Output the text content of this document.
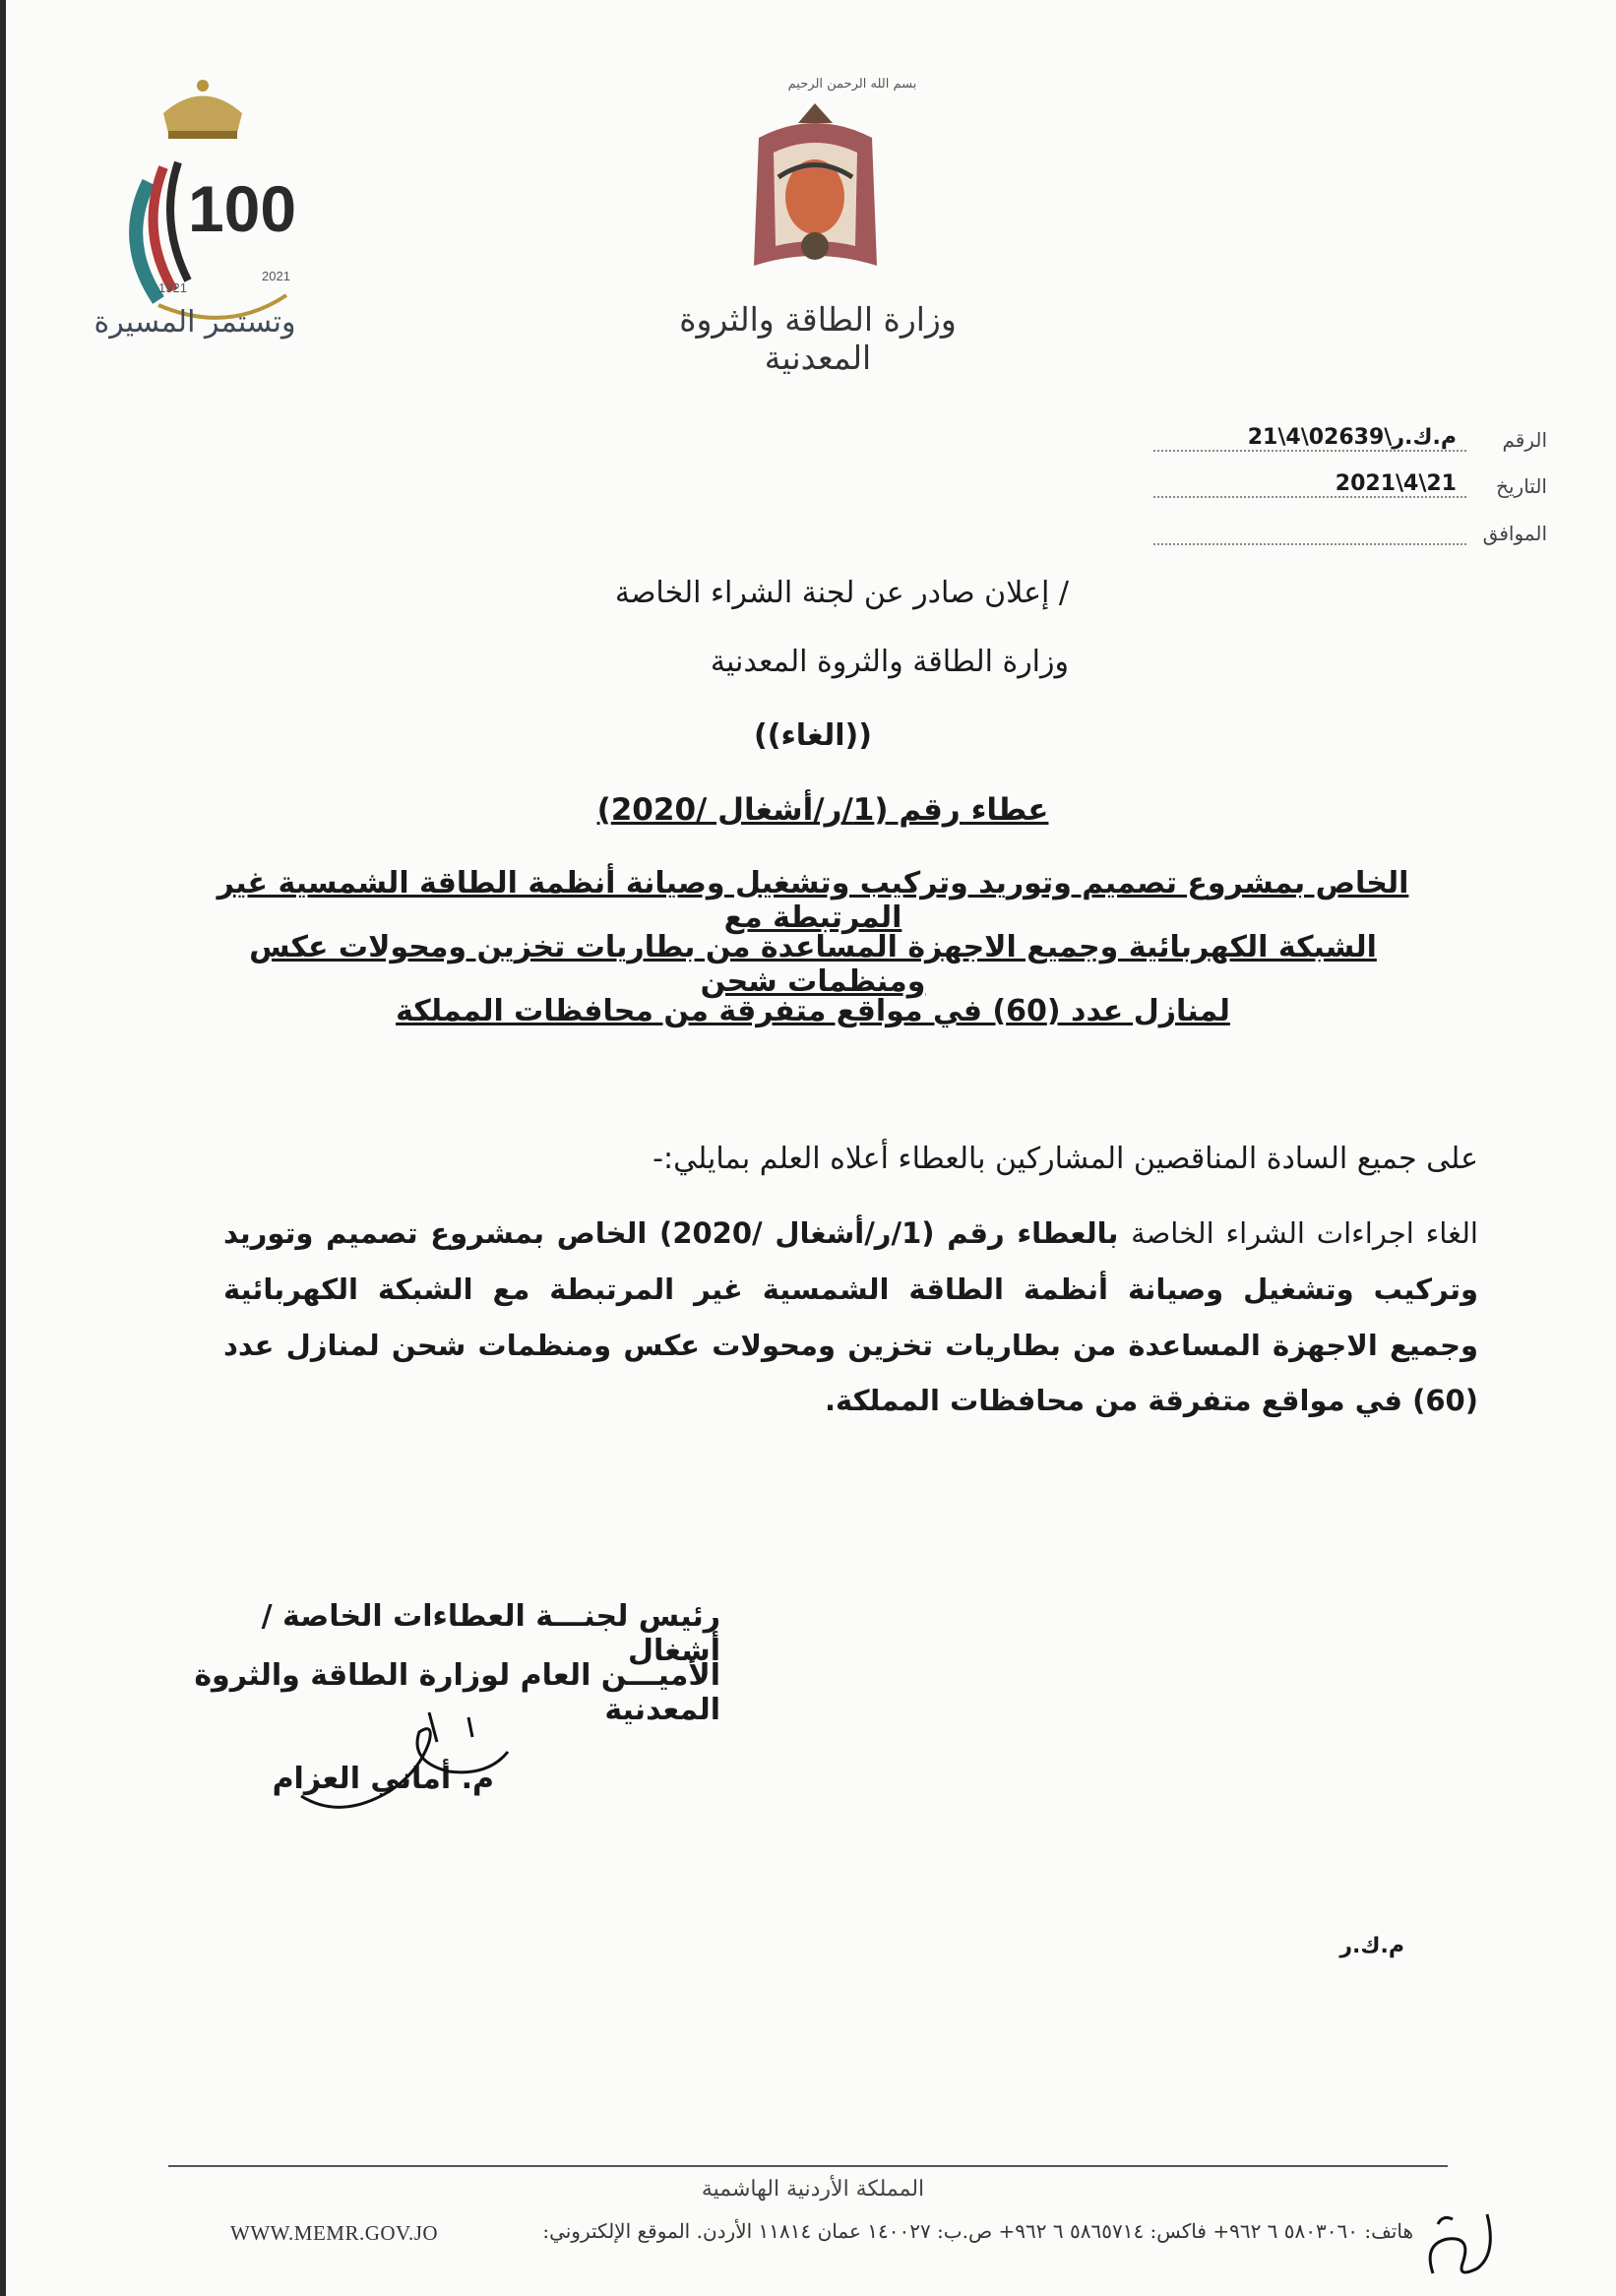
100
1921
2021
وتستمر المسيرة
بسم الله الرحمن الرحيم
وزارة الطاقة والثروة المعدنية
الرقم
م.ك.ر\02639\4\21
التاريخ
2021\4\21
الموافق
إعلان صادر عن لجنة الشراء الخاصة /
وزارة الطاقة والثروة المعدنية
((الغاء))
عطاء رقم (1/ر/أشغال /2020)
الخاص بمشروع تصميم وتوريد وتركيب وتشغيل وصيانة أنظمة الطاقة الشمسية غير المرتبطة مع
الشبكة الكهربائية وجميع الاجهزة المساعدة من بطاريات تخزين ومحولات عكس ومنظمات شحن
لمنازل عدد (60) في مواقع متفرقة من محافظات المملكة
على جميع السادة المناقصين المشاركين بالعطاء أعلاه العلم بمايلي:-
الغاء اجراءات الشراء الخاصة بالعطاء رقم (1/ر/أشغال /2020) الخاص بمشروع تصميم وتوريد وتركيب وتشغيل وصيانة أنظمة الطاقة الشمسية غير المرتبطة مع الشبكة الكهربائية وجميع الاجهزة المساعدة من بطاريات تخزين ومحولات عكس ومنظمات شحن لمنازل عدد (60) في مواقع متفرقة من محافظات المملكة.
رئيس لجنـــة العطاءات الخاصة / أشغال
الأميـــن العام لوزارة الطاقة والثروة المعدنية
م. أماني العزام
م.ك.ر
المملكة الأردنية الهاشمية
هاتف: ٥٨٠٣٠٦٠ ٦ ٩٦٢+ فاكس: ٥٨٦٥٧١٤ ٦ ٩٦٢+ ص.ب: ١٤٠٠٢٧ عمان ١١٨١٤ الأردن. الموقع الإلكتروني:
WWW.MEMR.GOV.JO
